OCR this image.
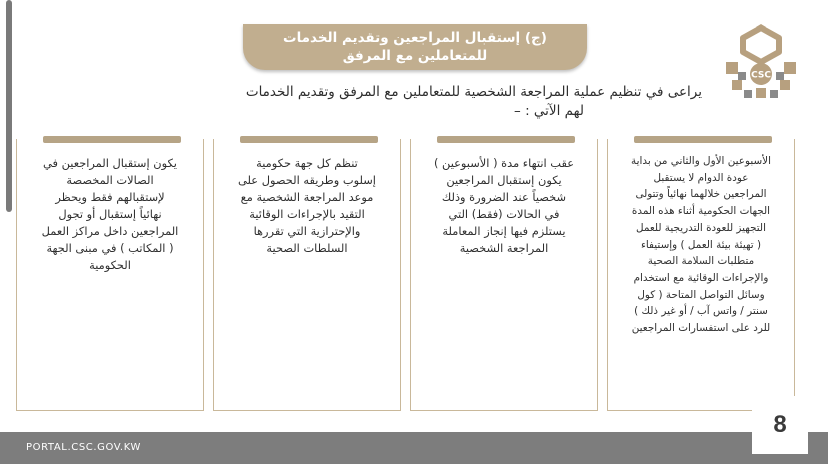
(ج) إستقبال المراجعين وتقديم الخدمات
للمتعاملين مع المرفق
CSC
يراعى في تنظيم عملية المراجعة الشخصية للمتعاملين مع المرفق وتقديم الخدمات
لهم الآتي : –
الأسبوعين الأول والثاني من بداية
عودة الدوام لا يستقبل
المراجعين خلالهما نهائياً وتتولى
الجهات الحكومية أثناء هذه المدة
التجهيز للعودة التدريجية للعمل
( تهيئة بيئة العمل ) وإستيفاء
متطلبات السلامة الصحية
والإجراءات الوقائية مع استخدام
وسائل التواصل المتاحة ( كول
سنتر / واتس آب / أو غير ذلك )
للرد على استفسارات المراجعين
عقب انتهاء مدة ( الأسبوعين )
يكون إستقبال المراجعين
شخصياً عند الضرورة وذلك
في الحالات (فقط) التي
يستلزم فيها إنجاز المعاملة
المراجعة الشخصية
تنظم كل جهة حكومية
إسلوب وطريقه الحصول على
موعد المراجعة الشخصية مع
التقيد بالإجراءات الوقائية
والإحترازية التي تقررها
السلطات الصحية
يكون إستقبال المراجعين في
الصالات المخصصة
لإستقبالهم فقط ويحظر
نهائياً إستقبال أو تجول
المراجعين داخل مراكز العمل
( المكاتب ) في مبنى الجهة
الحكومية
PORTAL.CSC.GOV.KW
8
